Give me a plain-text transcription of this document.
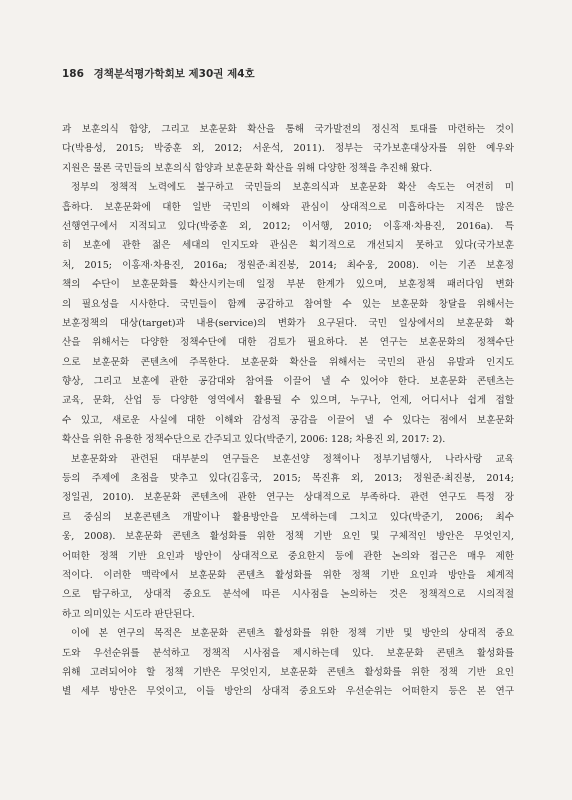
186 경책분석평가학회보 제30권 제4호
과 보훈의식 함양, 그리고 보훈문화 확산을 통해 국가발전의 정신적 토대를 마련하는 것이
다(박용성, 2015; 박중훈 외, 2012; 서운석, 2011). 정부는 국가보훈대상자를 위한 예우와
지원은 물론 국민들의 보훈의식 함양과 보훈문화 확산을 위해 다양한 정책을 추진해 왔다.
정부의 정책적 노력에도 불구하고 국민들의 보훈의식과 보훈문화 확산 속도는 여전히 미
흡하다. 보훈문화에 대한 일반 국민의 이해와 관심이 상대적으로 미흡하다는 지적은 많은
선행연구에서 지적되고 있다(박중훈 외, 2012; 이서행, 2010; 이홍재·차용진, 2016a). 특
히 보훈에 관한 젊은 세대의 인지도와 관심은 획기적으로 개선되지 못하고 있다(국가보훈
처, 2015; 이홍재·차용진, 2016a; 정원준·최진봉, 2014; 최수웅, 2008). 이는 기존 보훈정
책의 수단이 보훈문화를 확산시키는데 일정 부분 한계가 있으며, 보훈정책 패러다임 변화
의 필요성을 시사한다. 국민들이 함께 공감하고 참여할 수 있는 보훈문화 창달을 위해서는
보훈정책의 대상(target)과 내용(service)의 변화가 요구된다. 국민 일상에서의 보훈문화 확
산을 위해서는 다양한 정책수단에 대한 검토가 필요하다. 본 연구는 보훈문화의 정책수단
으로 보훈문화 콘텐츠에 주목한다. 보훈문화 확산을 위해서는 국민의 관심 유발과 인지도
향상, 그리고 보훈에 관한 공감대와 참여를 이끌어 낼 수 있어야 한다. 보훈문화 콘텐츠는
교육, 문화, 산업 등 다양한 영역에서 활용될 수 있으며, 누구나, 언제, 어디서나 쉽게 접할
수 있고, 새로운 사실에 대한 이해와 감성적 공감을 이끌어 낼 수 있다는 점에서 보훈문화
확산을 위한 유용한 정책수단으로 간주되고 있다(박준기, 2006: 128; 차용진 외, 2017: 2).
보훈문화와 관련된 대부분의 연구들은 보훈선양 정책이나 정부기념행사, 나라사랑 교육
등의 주제에 초점을 맞추고 있다(김홍국, 2015; 목진휴 외, 2013; 정원준·최진봉, 2014;
정일권, 2010). 보훈문화 콘텐츠에 관한 연구는 상대적으로 부족하다. 관련 연구도 특정 장
르 중심의 보훈콘텐츠 개발이나 활용방안을 모색하는데 그치고 있다(박준기, 2006; 최수
웅, 2008). 보훈문화 콘텐츠 활성화를 위한 정책 기반 요인 및 구체적인 방안은 무엇인지,
어떠한 정책 기반 요인과 방안이 상대적으로 중요한지 등에 관한 논의와 접근은 매우 제한
적이다. 이러한 맥락에서 보훈문화 콘텐츠 활성화를 위한 정책 기반 요인과 방안을 체계적
으로 탐구하고, 상대적 중요도 분석에 따른 시사점을 논의하는 것은 정책적으로 시의적절
하고 의미있는 시도라 판단된다.
이에 본 연구의 목적은 보훈문화 콘텐츠 활성화를 위한 정책 기반 및 방안의 상대적 중요
도와 우선순위를 분석하고 정책적 시사점을 제시하는데 있다. 보훈문화 콘텐츠 활성화를
위해 고려되어야 할 정책 기반은 무엇인지, 보훈문화 콘텐츠 활성화를 위한 정책 기반 요인
별 세부 방안은 무엇이고, 이들 방안의 상대적 중요도와 우선순위는 어떠한지 등은 본 연구
